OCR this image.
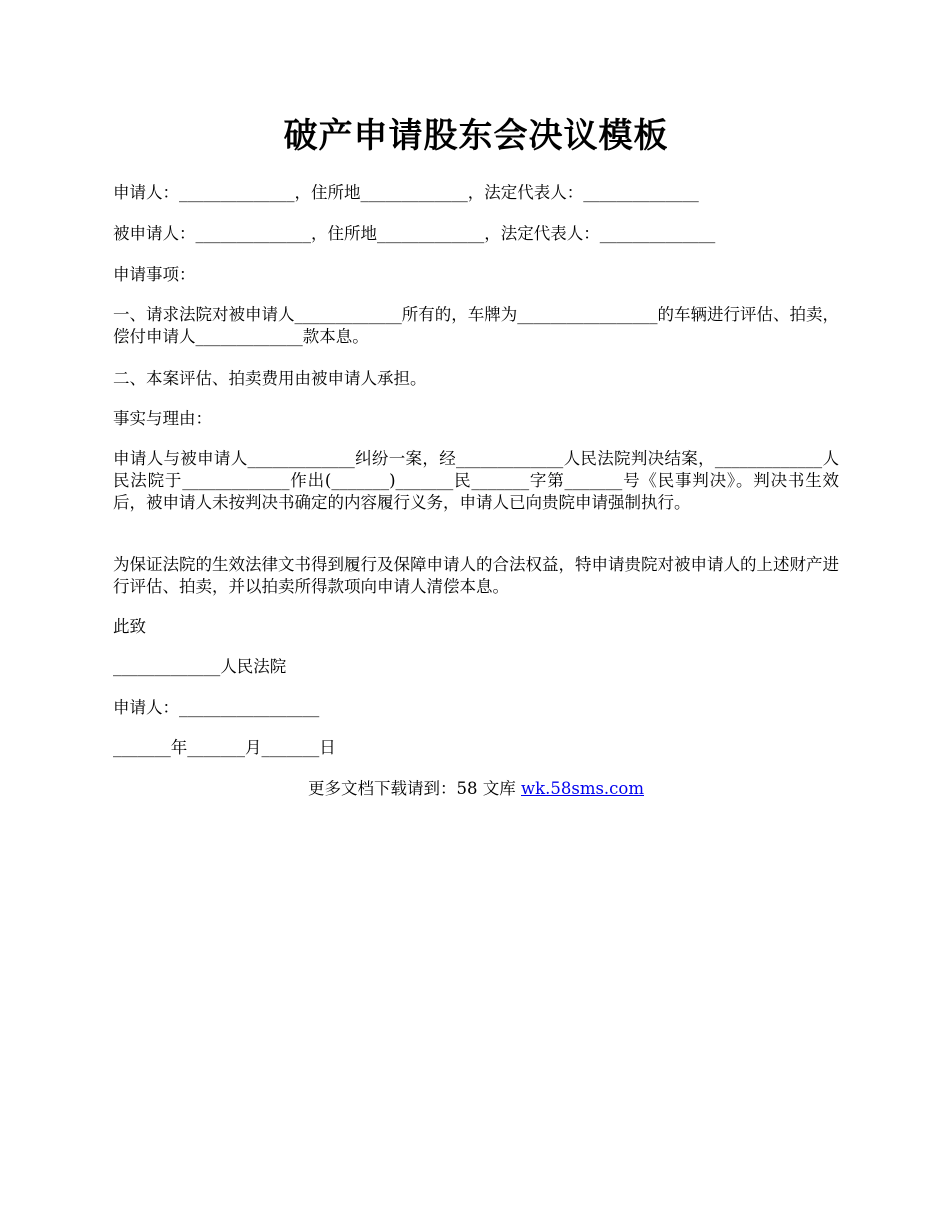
破产申请股东会决议模板

申请人：______________，住所地_____________，法定代表人：______________

被申请人：______________，住所地_____________，法定代表人：______________

申请事项：

一、请求法院对被申请人_____________所有的，车牌为_________________的车辆进行评估、拍卖，偿付申请人_____________款本息。

二、本案评估、拍卖费用由被申请人承担。

事实与理由：

申请人与被申请人_____________纠纷一案，经_____________人民法院判决结案，_____________人民法院于_____________作出(_______)_______民_______字第_______号《民事判决》。判决书生效后，被申请人未按判决书确定的内容履行义务，申请人已向贵院申请强制执行。

为保证法院的生效法律文书得到履行及保障申请人的合法权益，特申请贵院对被申请人的上述财产进行评估、拍卖，并以拍卖所得款项向申请人清偿本息。

此致

_____________人民法院

申请人：_________________

_______年_______月_______日

更多文档下载请到：58 文库 wk.58sms.com
